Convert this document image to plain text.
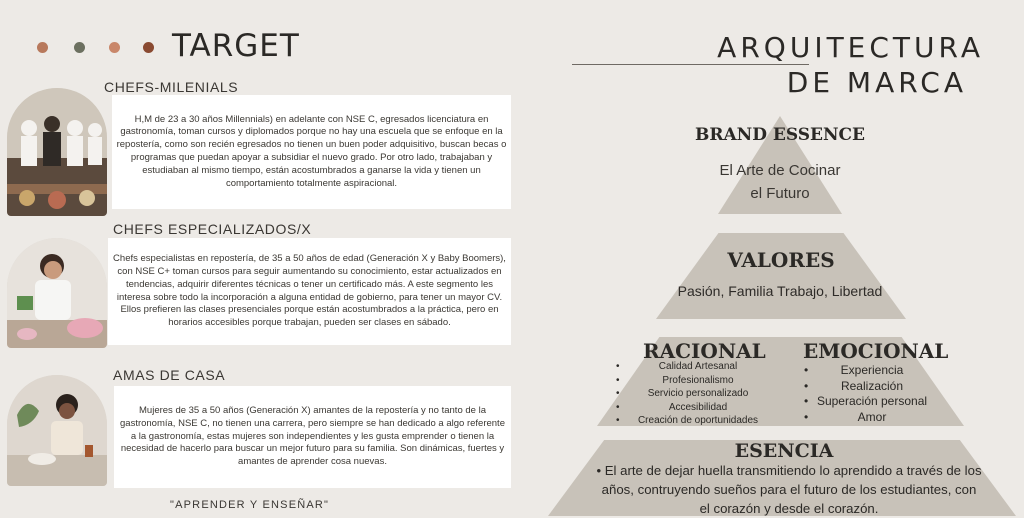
TARGET
CHEFS-MILENIALS
H,M de 23 a 30 años Millennials) en adelante con NSE C, egresados licenciatura en gastronomía, toman cursos y diplomados porque no hay una escuela que se enfoque en la repostería, como son recién egresados no tienen un buen poder adquisitivo, buscan becas o programas que puedan apoyar a subsidiar el nuevo grado. Por otro lado, trabajaban y estudiaban al mismo tiempo, están acostumbrados a ganarse la vida y tienen un comportamiento totalmente aspiracional.
CHEFS ESPECIALIZADOS/X
Chefs especialistas en repostería, de 35 a 50 años de edad (Generación X y Baby Boomers), con NSE C+ toman cursos para seguir aumentando su conocimiento, estar actualizados en tendencias, adquirir diferentes técnicas o tener un certificado más. A este segmento les interesa sobre todo la incorporación a alguna entidad de gobierno, para tener un mayor CV. Ellos prefieren las clases presenciales porque están acostumbrados a la práctica, pero en horarios accesibles porque trabajan, pueden ser clases en sábado.
AMAS DE CASA
Mujeres de 35 a 50 años (Generación X) amantes de la repostería y no tanto de la gastronomía, NSE C, no tienen una carrera, pero siempre se han dedicado a algo referente a la gastronomía, estas mujeres son independientes y les gusta emprender o tienen la necesidad de hacerlo para buscar un mejor futuro para su familia. Son dinámicas, fuertes y amantes de aprender cosa nuevas.
"APRENDER Y ENSEÑAR"
ARQUITECTURA
DE MARCA
BRAND ESSENCE
El Arte de Cocinar
el Futuro
VALORES
Pasión, Familia Trabajo, Libertad
RACIONAL
• Calidad Artesanal
• Profesionalismo
• Servicio personalizado
• Accesibilidad
• Creación de oportunidades
EMOCIONAL
• Experiencia
• Realización
• Superación personal
• Amor
ESENCIA
• El arte de dejar huella transmitiendo lo aprendido a través de los años, contruyendo sueños para el futuro de los estudiantes, con el corazón y desde el corazón.
